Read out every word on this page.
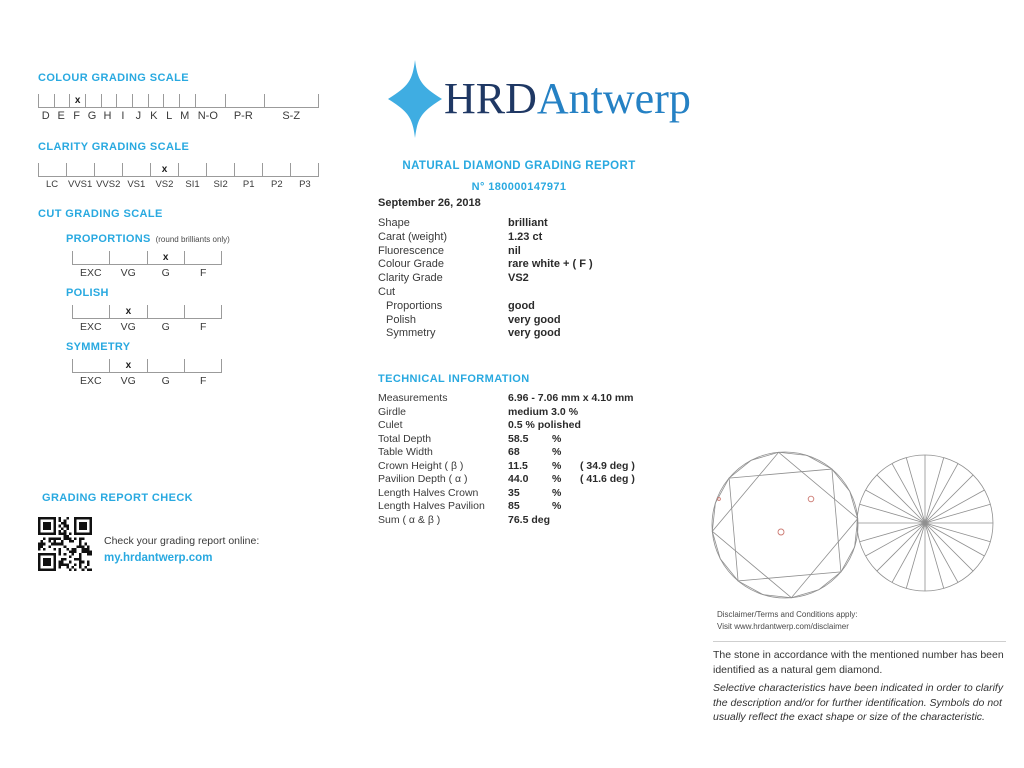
COLOUR GRADING SCALE
x
D E F G H I	J K L M N-O	P-R	S-Z
CLARITY GRADING SCALE
x
LC	VVS1 VVS2 VS1	VS2	SI1	SI2	P1	P2	P3
CUT GRADING SCALE
PROPORTIONS (round brilliants only)
x
EXC	VG	G	F
POLISH
x
EXC	VG	G	F
SYMMETRY
x
EXC	VG	G	F
HRDAntwerp
NATURAL DIAMOND GRADING REPORT
N° 180000147971
September 26, 2018
Shape	brilliant
Carat (weight)	1.23 ct
Fluorescence	nil
Colour Grade	rare white + ( F )
Clarity Grade	VS2
Cut
Proportions	good
Polish	very good
Symmetry	very good
TECHNICAL INFORMATION
Measurements	6.96 - 7.06 mm x 4.10 mm
Girdle	medium 3.0 %
Culet	0.5 % polished
Total Depth	58.5	%
Table Width	68	%
Crown Height ( β )	11.5	%	( 34.9 deg )
Pavilion Depth ( α )	44.0	%	( 41.6 deg )
Length Halves Crown	35	%
Length Halves Pavilion	85	%
Sum ( α & β )	76.5 deg
GRADING REPORT CHECK
Check your grading report online:
my.hrdantwerp.com
Disclaimer/Terms and Conditions apply:
Visit www.hrdantwerp.com/disclaimer
The stone in accordance with the mentioned number has been identified as a natural gem diamond.
Selective characteristics have been indicated in order to clarify the description and/or for further identification. Symbols do not usually reflect the exact shape or size of the characteristic.
